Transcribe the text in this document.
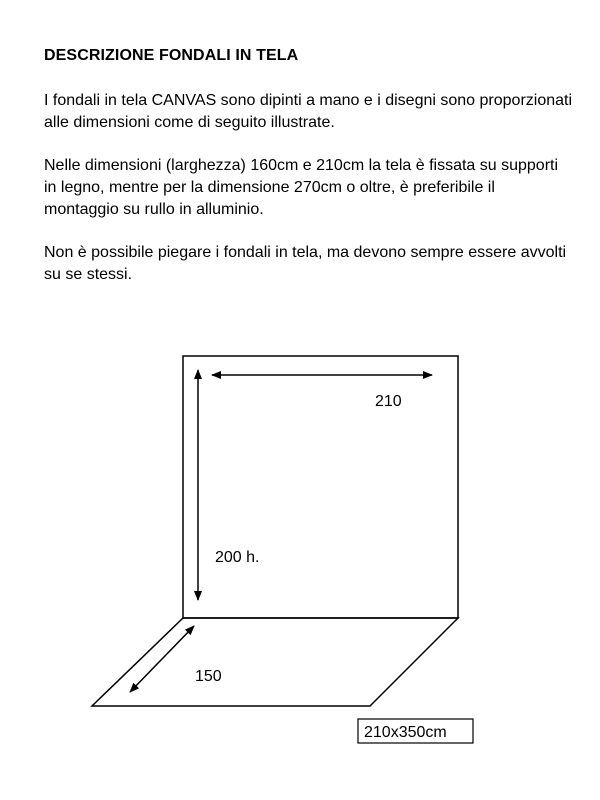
DESCRIZIONE FONDALI IN TELA

I fondali in tela CANVAS sono dipinti a mano e i disegni sono proporzionati alle dimensioni come di seguito illustrate.

Nelle dimensioni (larghezza) 160cm e 210cm la tela è fissata su supporti in legno, mentre per la dimensione 270cm o oltre, è preferibile il montaggio su rullo in alluminio.

Non è possibile piegare i fondali in tela, ma devono sempre essere avvolti su se stessi.

210
200 h.
150
210x350cm
